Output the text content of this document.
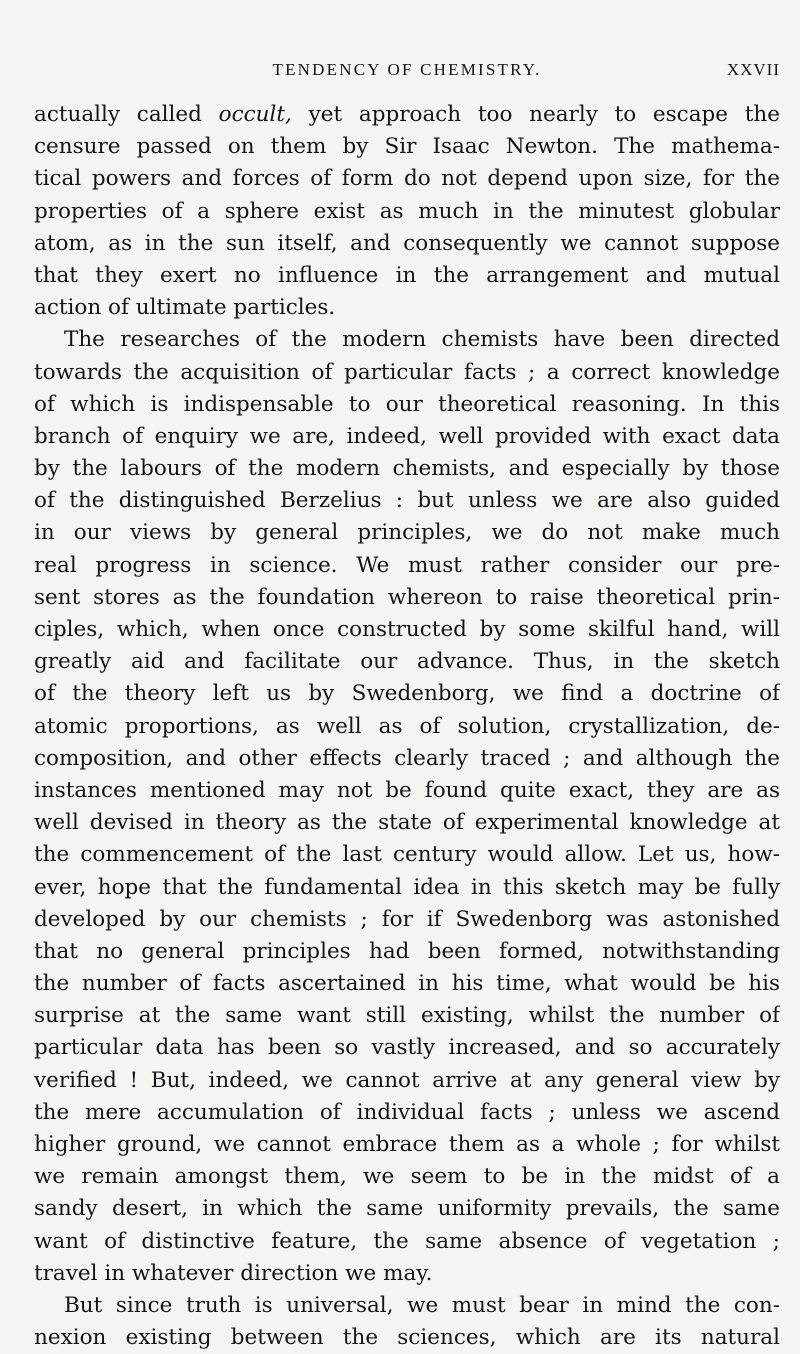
TENDENCY OF CHEMISTRY.	XXVII
actually called occult, yet approach too nearly to escape the
censure passed on them by Sir Isaac Newton. The mathema-
tical powers and forces of form do not depend upon size, for the
properties of a sphere exist as much in the minutest globular
atom, as in the sun itself, and consequently we cannot suppose
that they exert no influence in the arrangement and mutual
action of ultimate particles.
The researches of the modern chemists have been directed
towards the acquisition of particular facts ; a correct knowledge
of which is indispensable to our theoretical reasoning. In this
branch of enquiry we are, indeed, well provided with exact data
by the labours of the modern chemists, and especially by those
of the distinguished Berzelius : but unless we are also guided
in our views by general principles, we do not make much
real progress in science. We must rather consider our pre-
sent stores as the foundation whereon to raise theoretical prin-
ciples, which, when once constructed by some skilful hand, will
greatly aid and facilitate our advance. Thus, in the sketch
of the theory left us by Swedenborg, we find a doctrine of
atomic proportions, as well as of solution, crystallization, de-
composition, and other effects clearly traced ; and although the
instances mentioned may not be found quite exact, they are as
well devised in theory as the state of experimental knowledge at
the commencement of the last century would allow. Let us, how-
ever, hope that the fundamental idea in this sketch may be fully
developed by our chemists ; for if Swedenborg was astonished
that no general principles had been formed, notwithstanding
the number of facts ascertained in his time, what would be his
surprise at the same want still existing, whilst the number of
particular data has been so vastly increased, and so accurately
verified ! But, indeed, we cannot arrive at any general view by
the mere accumulation of individual facts ; unless we ascend
higher ground, we cannot embrace them as a whole ; for whilst
we remain amongst them, we seem to be in the midst of a
sandy desert, in which the same uniformity prevails, the same
want of distinctive feature, the same absence of vegetation ;
travel in whatever direction we may.
But since truth is universal, we must bear in mind the con-
nexion existing between the sciences, which are its natural
